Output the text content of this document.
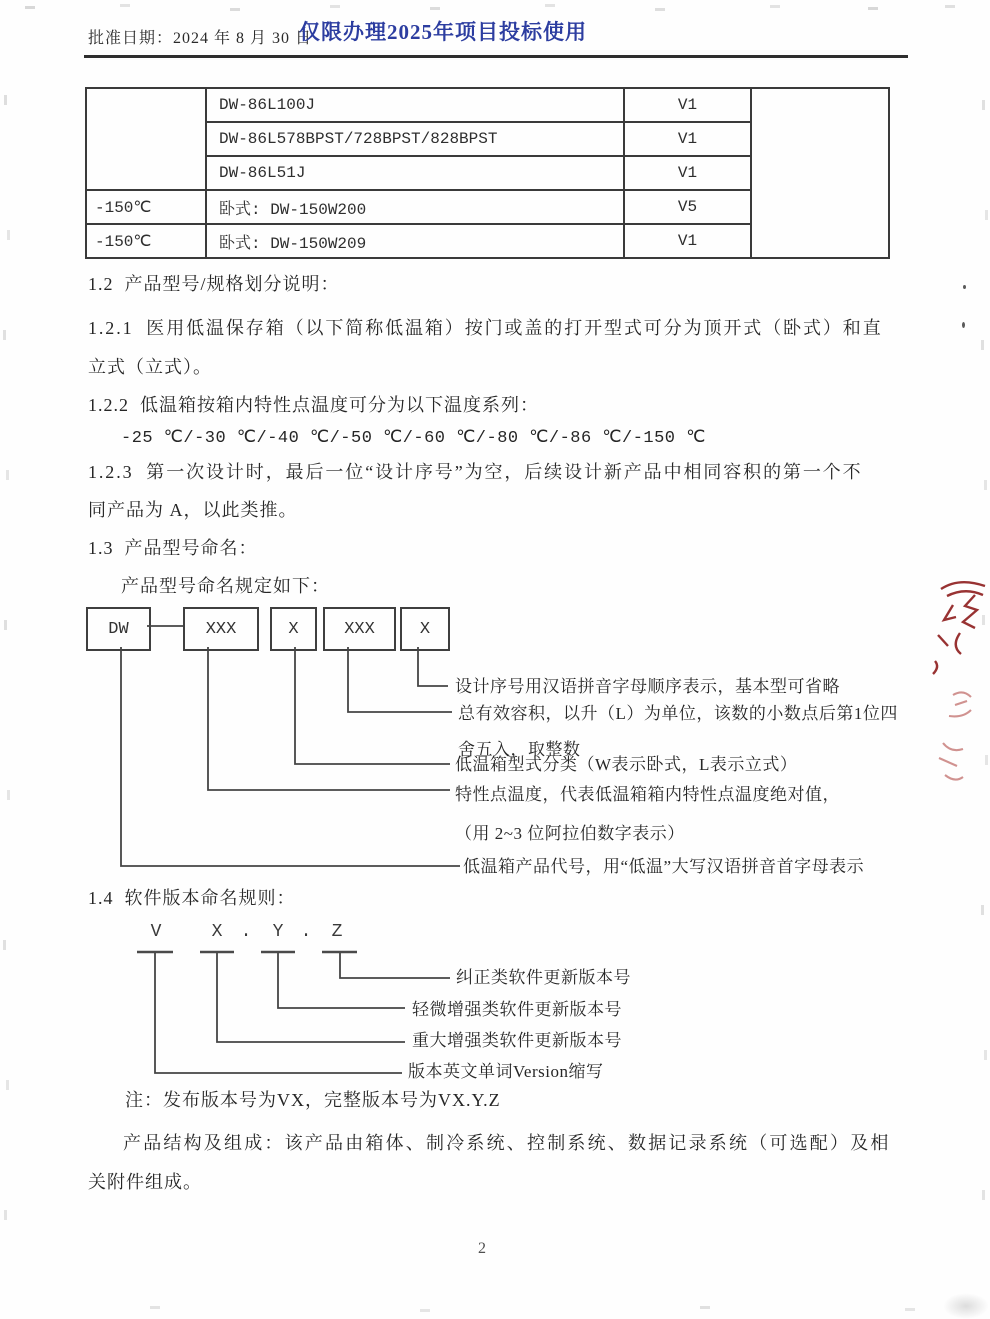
批准日期：2024 年 8 月 30 日
仅限办理2025年项目投标使用
	DW-86L100J	V1	
	DW-86L578BPST/728BPST/828BPST	V1	
	DW-86L51J	V1	
-150℃	卧式: DW-150W200	V5	
-150℃	卧式: DW-150W209	V1	
1.2  产品型号/规格划分说明：
1.2.1  医用低温保存箱（以下简称低温箱）按门或盖的打开型式可分为顶开式（卧式）和直
立式（立式）。
1.2.2  低温箱按箱内特性点温度可分为以下温度系列：
-25 ℃/-30 ℃/-40 ℃/-50 ℃/-60 ℃/-80 ℃/-86 ℃/-150 ℃
1.2.3  第一次设计时，最后一位“设计序号”为空，后续设计新产品中相同容积的第一个不
同产品为 A，以此类推。
1.3  产品型号命名：
产品型号命名规定如下：
DW	XXX	X	XXX	X
设计序号用汉语拼音字母顺序表示，基本型可省略
总有效容积，以升（L）为单位，该数的小数点后第1位四
舍五入，取整数
低温箱型式分类（W表示卧式，L表示立式）
特性点温度，代表低温箱箱内特性点温度绝对值，
（用 2~3 位阿拉伯数字表示）
低温箱产品代号，用“低温”大写汉语拼音首字母表示
1.4  软件版本命名规则：
V	X . Y . Z
纠正类软件更新版本号
轻微增强类软件更新版本号
重大增强类软件更新版本号
版本英文单词Version缩写
注：发布版本号为VX，完整版本号为VX.Y.Z
产品结构及组成：该产品由箱体、制冷系统、控制系统、数据记录系统（可选配）及相
关附件组成。
2
